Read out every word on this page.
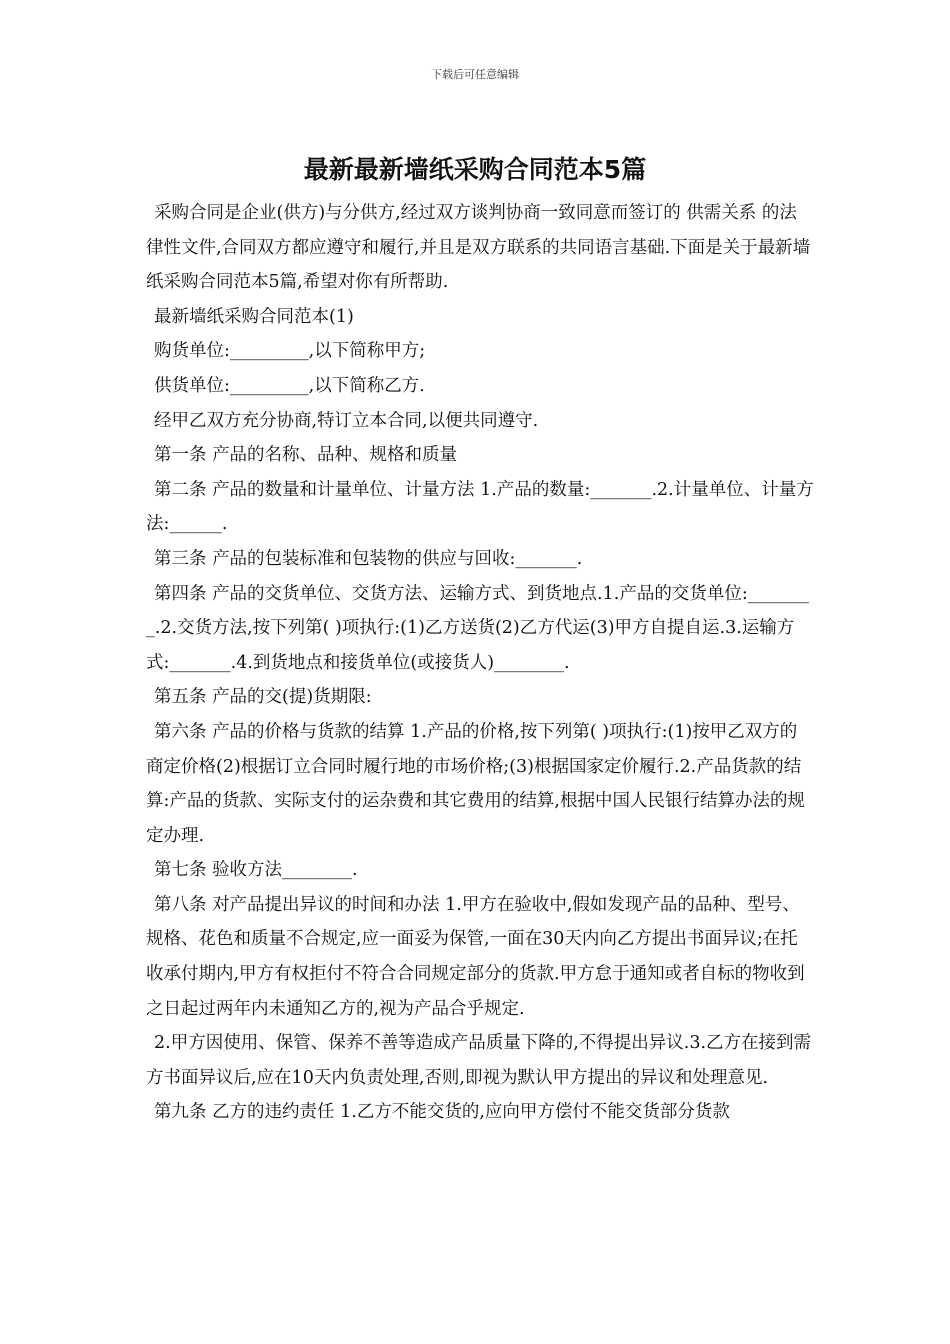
下载后可任意编辑
最新最新墙纸采购合同范本5篇

采购合同是企业(供方)与分供方,经过双方谈判协商一致同意而签订的 供需关系 的法律性文件,合同双方都应遵守和履行,并且是双方联系的共同语言基础.下面是关于最新墙纸采购合同范本5篇,希望对你有所帮助.

最新墙纸采购合同范本(1)

购货单位:_________,以下简称甲方;

供货单位:_________,以下简称乙方.

经甲乙双方充分协商,特订立本合同,以便共同遵守.

第一条 产品的名称、品种、规格和质量

第二条 产品的数量和计量单位、计量方法 1.产品的数量:_______.2.计量单位、计量方法:______.

第三条 产品的包装标准和包装物的供应与回收:_______.

第四条 产品的交货单位、交货方法、运输方式、到货地点.1.产品的交货单位:________.2.交货方法,按下列第( )项执行:(1)乙方送货(2)乙方代运(3)甲方自提自运.3.运输方式:_______.4.到货地点和接货单位(或接货人)________.

第五条 产品的交(提)货期限:

第六条 产品的价格与货款的结算 1.产品的价格,按下列第( )项执行:(1)按甲乙双方的商定价格(2)根据订立合同时履行地的市场价格;(3)根据国家定价履行.2.产品货款的结算:产品的货款、实际支付的运杂费和其它费用的结算,根据中国人民银行结算办法的规定办理.

第七条 验收方法________.

第八条 对产品提出异议的时间和办法 1.甲方在验收中,假如发现产品的品种、型号、规格、花色和质量不合规定,应一面妥为保管,一面在30天内向乙方提出书面异议;在托收承付期内,甲方有权拒付不符合合同规定部分的货款.甲方怠于通知或者自标的物收到之日起过两年内未通知乙方的,视为产品合乎规定.

2.甲方因使用、保管、保养不善等造成产品质量下降的,不得提出异议.3.乙方在接到需方书面异议后,应在10天内负责处理,否则,即视为默认甲方提出的异议和处理意见.

第九条 乙方的违约责任 1.乙方不能交货的,应向甲方偿付不能交货部分货款
